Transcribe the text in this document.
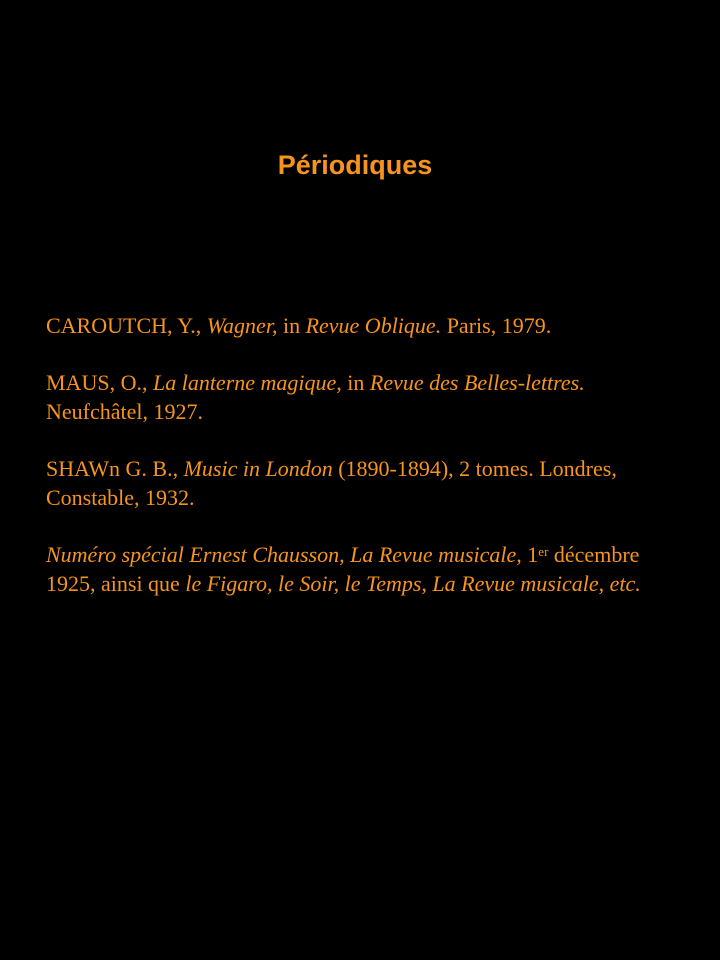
Périodiques

CAROUTCH, Y., Wagner, in Revue Oblique. Paris, 1979.

MAUS, O., La lanterne magique, in Revue des Belles-lettres. Neufchâtel, 1927.

SHAWn G. B., Music in London (1890-1894), 2 tomes. Londres, Constable, 1932.

Numéro spécial Ernest Chausson, La Revue musicale, 1er décembre 1925, ainsi que le Figaro, le Soir, le Temps, La Revue musicale, etc.
